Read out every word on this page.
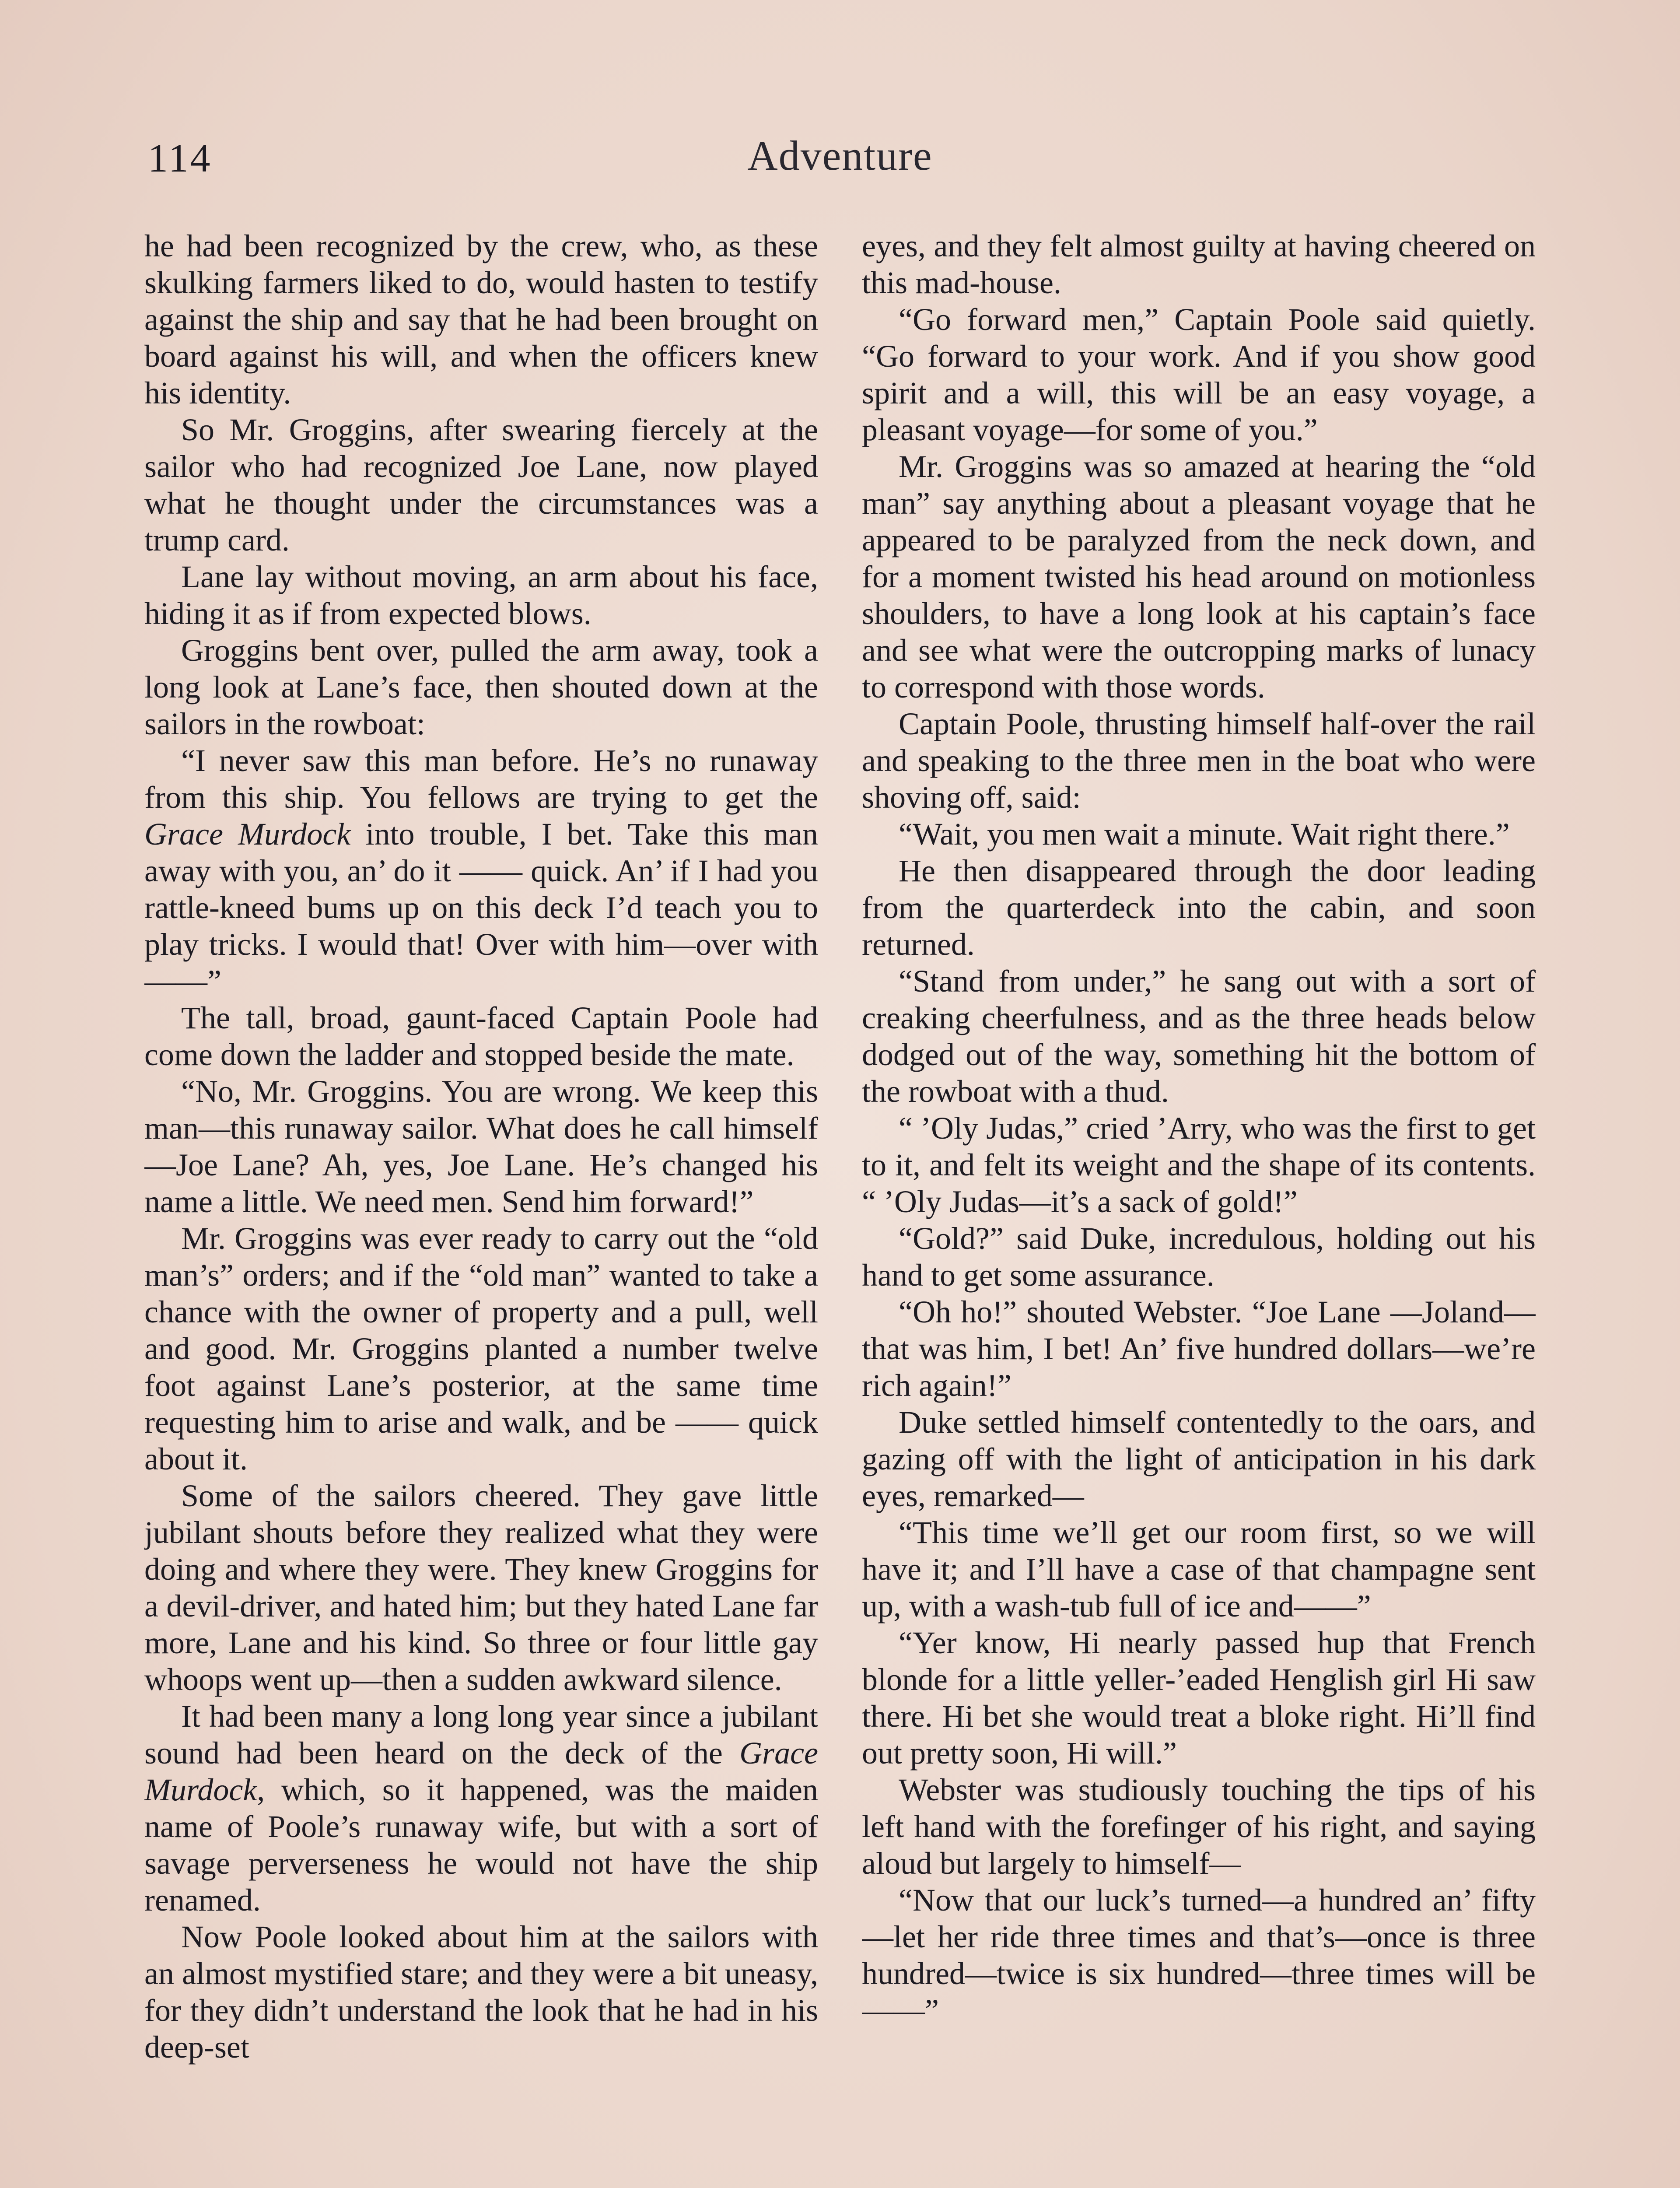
114	Adventure

he had been recognized by the crew, who, as these skulking farmers liked to do, would hasten to testify against the ship and say that he had been brought on board against his will, and when the officers knew his identity.

So Mr. Groggins, after swearing fiercely at the sailor who had recognized Joe Lane, now played what he thought under the circumstances was a trump card.

Lane lay without moving, an arm about his face, hiding it as if from expected blows.

Groggins bent over, pulled the arm away, took a long look at Lane’s face, then shouted down at the sailors in the rowboat:

“I never saw this man before. He’s no runaway from this ship. You fellows are trying to get the Grace Murdock into trouble, I bet. Take this man away with you, an’ do it —— quick. An’ if I had you rattle-kneed bums up on this deck I’d teach you to play tricks. I would that! Over with him—over with——”

The tall, broad, gaunt-faced Captain Poole had come down the ladder and stopped beside the mate.

“No, Mr. Groggins. You are wrong. We keep this man—this runaway sailor. What does he call himself—Joe Lane? Ah, yes, Joe Lane. He’s changed his name a little. We need men. Send him forward!”

Mr. Groggins was ever ready to carry out the “old man’s” orders; and if the “old man” wanted to take a chance with the owner of property and a pull, well and good. Mr. Groggins planted a number twelve foot against Lane’s posterior, at the same time requesting him to arise and walk, and be —— quick about it.

Some of the sailors cheered. They gave little jubilant shouts before they realized what they were doing and where they were. They knew Groggins for a devil-driver, and hated him; but they hated Lane far more, Lane and his kind. So three or four little gay whoops went up—then a sudden awkward silence.

It had been many a long long year since a jubilant sound had been heard on the deck of the Grace Murdock, which, so it happened, was the maiden name of Poole’s runaway wife, but with a sort of savage perverseness he would not have the ship renamed.

Now Poole looked about him at the sailors with an almost mystified stare; and they were a bit uneasy, for they didn’t understand the look that he had in his deep-set

eyes, and they felt almost guilty at having cheered on this mad-house.

“Go forward men,” Captain Poole said quietly. “Go forward to your work. And if you show good spirit and a will, this will be an easy voyage, a pleasant voyage—for some of you.”

Mr. Groggins was so amazed at hearing the “old man” say anything about a pleasant voyage that he appeared to be paralyzed from the neck down, and for a moment twisted his head around on motionless shoulders, to have a long look at his captain’s face and see what were the outcropping marks of lunacy to correspond with those words.

Captain Poole, thrusting himself half-over the rail and speaking to the three men in the boat who were shoving off, said:

“Wait, you men wait a minute. Wait right there.”

He then disappeared through the door leading from the quarterdeck into the cabin, and soon returned.

“Stand from under,” he sang out with a sort of creaking cheerfulness, and as the three heads below dodged out of the way, something hit the bottom of the rowboat with a thud.

“ ’Oly Judas,” cried ’Arry, who was the first to get to it, and felt its weight and the shape of its contents. “ ’Oly Judas—it’s a sack of gold!”

“Gold?” said Duke, incredulous, holding out his hand to get some assurance.

“Oh ho!” shouted Webster. “Joe Lane —Joland—that was him, I bet! An’ five hundred dollars—we’re rich again!”

Duke settled himself contentedly to the oars, and gazing off with the light of anticipation in his dark eyes, remarked—

“This time we’ll get our room first, so we will have it; and I’ll have a case of that champagne sent up, with a wash-tub full of ice and——”

“Yer know, Hi nearly passed hup that French blonde for a little yeller-’eaded Henglish girl Hi saw there. Hi bet she would treat a bloke right. Hi’ll find out pretty soon, Hi will.”

Webster was studiously touching the tips of his left hand with the forefinger of his right, and saying aloud but largely to himself—

“Now that our luck’s turned—a hundred an’ fifty—let her ride three times and that’s—once is three hundred—twice is six hundred—three times will be——”
